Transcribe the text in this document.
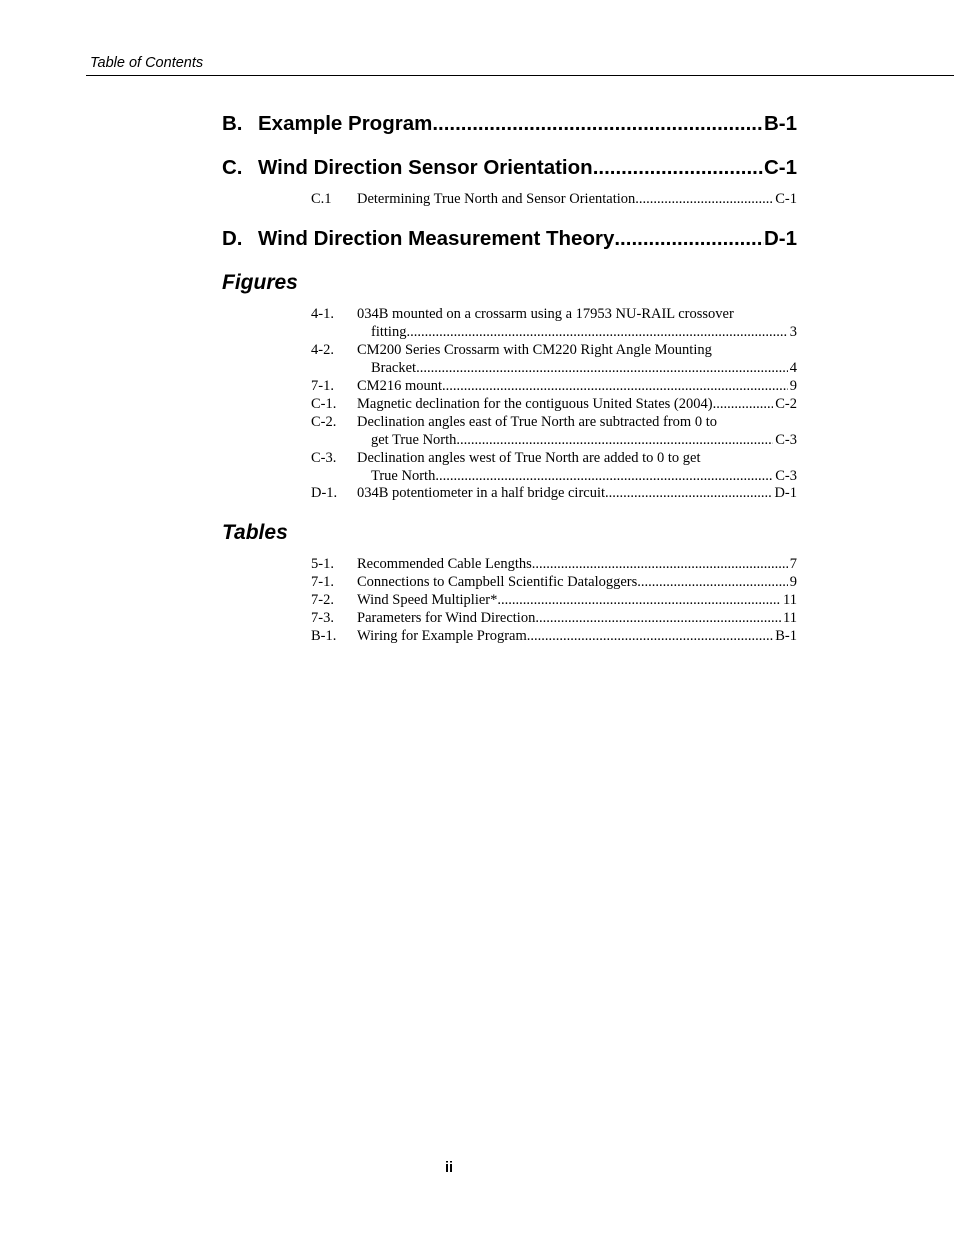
Table of Contents
B. Example Program .....	B-1
C. Wind Direction Sensor Orientation .....	C-1
C.1 Determining True North and Sensor Orientation .....	C-1
D. Wind Direction Measurement Theory .....	D-1
Figures
4-1.	034B mounted on a crossarm using a 17953 NU-RAIL crossover
fitting .....	3
4-2.	CM200 Series Crossarm with CM220 Right Angle Mounting
Bracket .....	4
7-1. CM216 mount .....	9
C-1. Magnetic declination for the contiguous United States (2004) .....	C-2
C-2.	Declination angles east of True North are subtracted from 0 to
get True North .....	C-3
C-3.	Declination angles west of True North are added to 0 to get
True North .....	C-3
D-1. 034B potentiometer in a half bridge circuit .....	D-1
Tables
5-1. Recommended Cable Lengths .....	7
7-1. Connections to Campbell Scientific Dataloggers .....	9
7-2. Wind Speed Multiplier* .....	11
7-3. Parameters for Wind Direction .....	11
B-1. Wiring for Example Program .....	B-1
ii
